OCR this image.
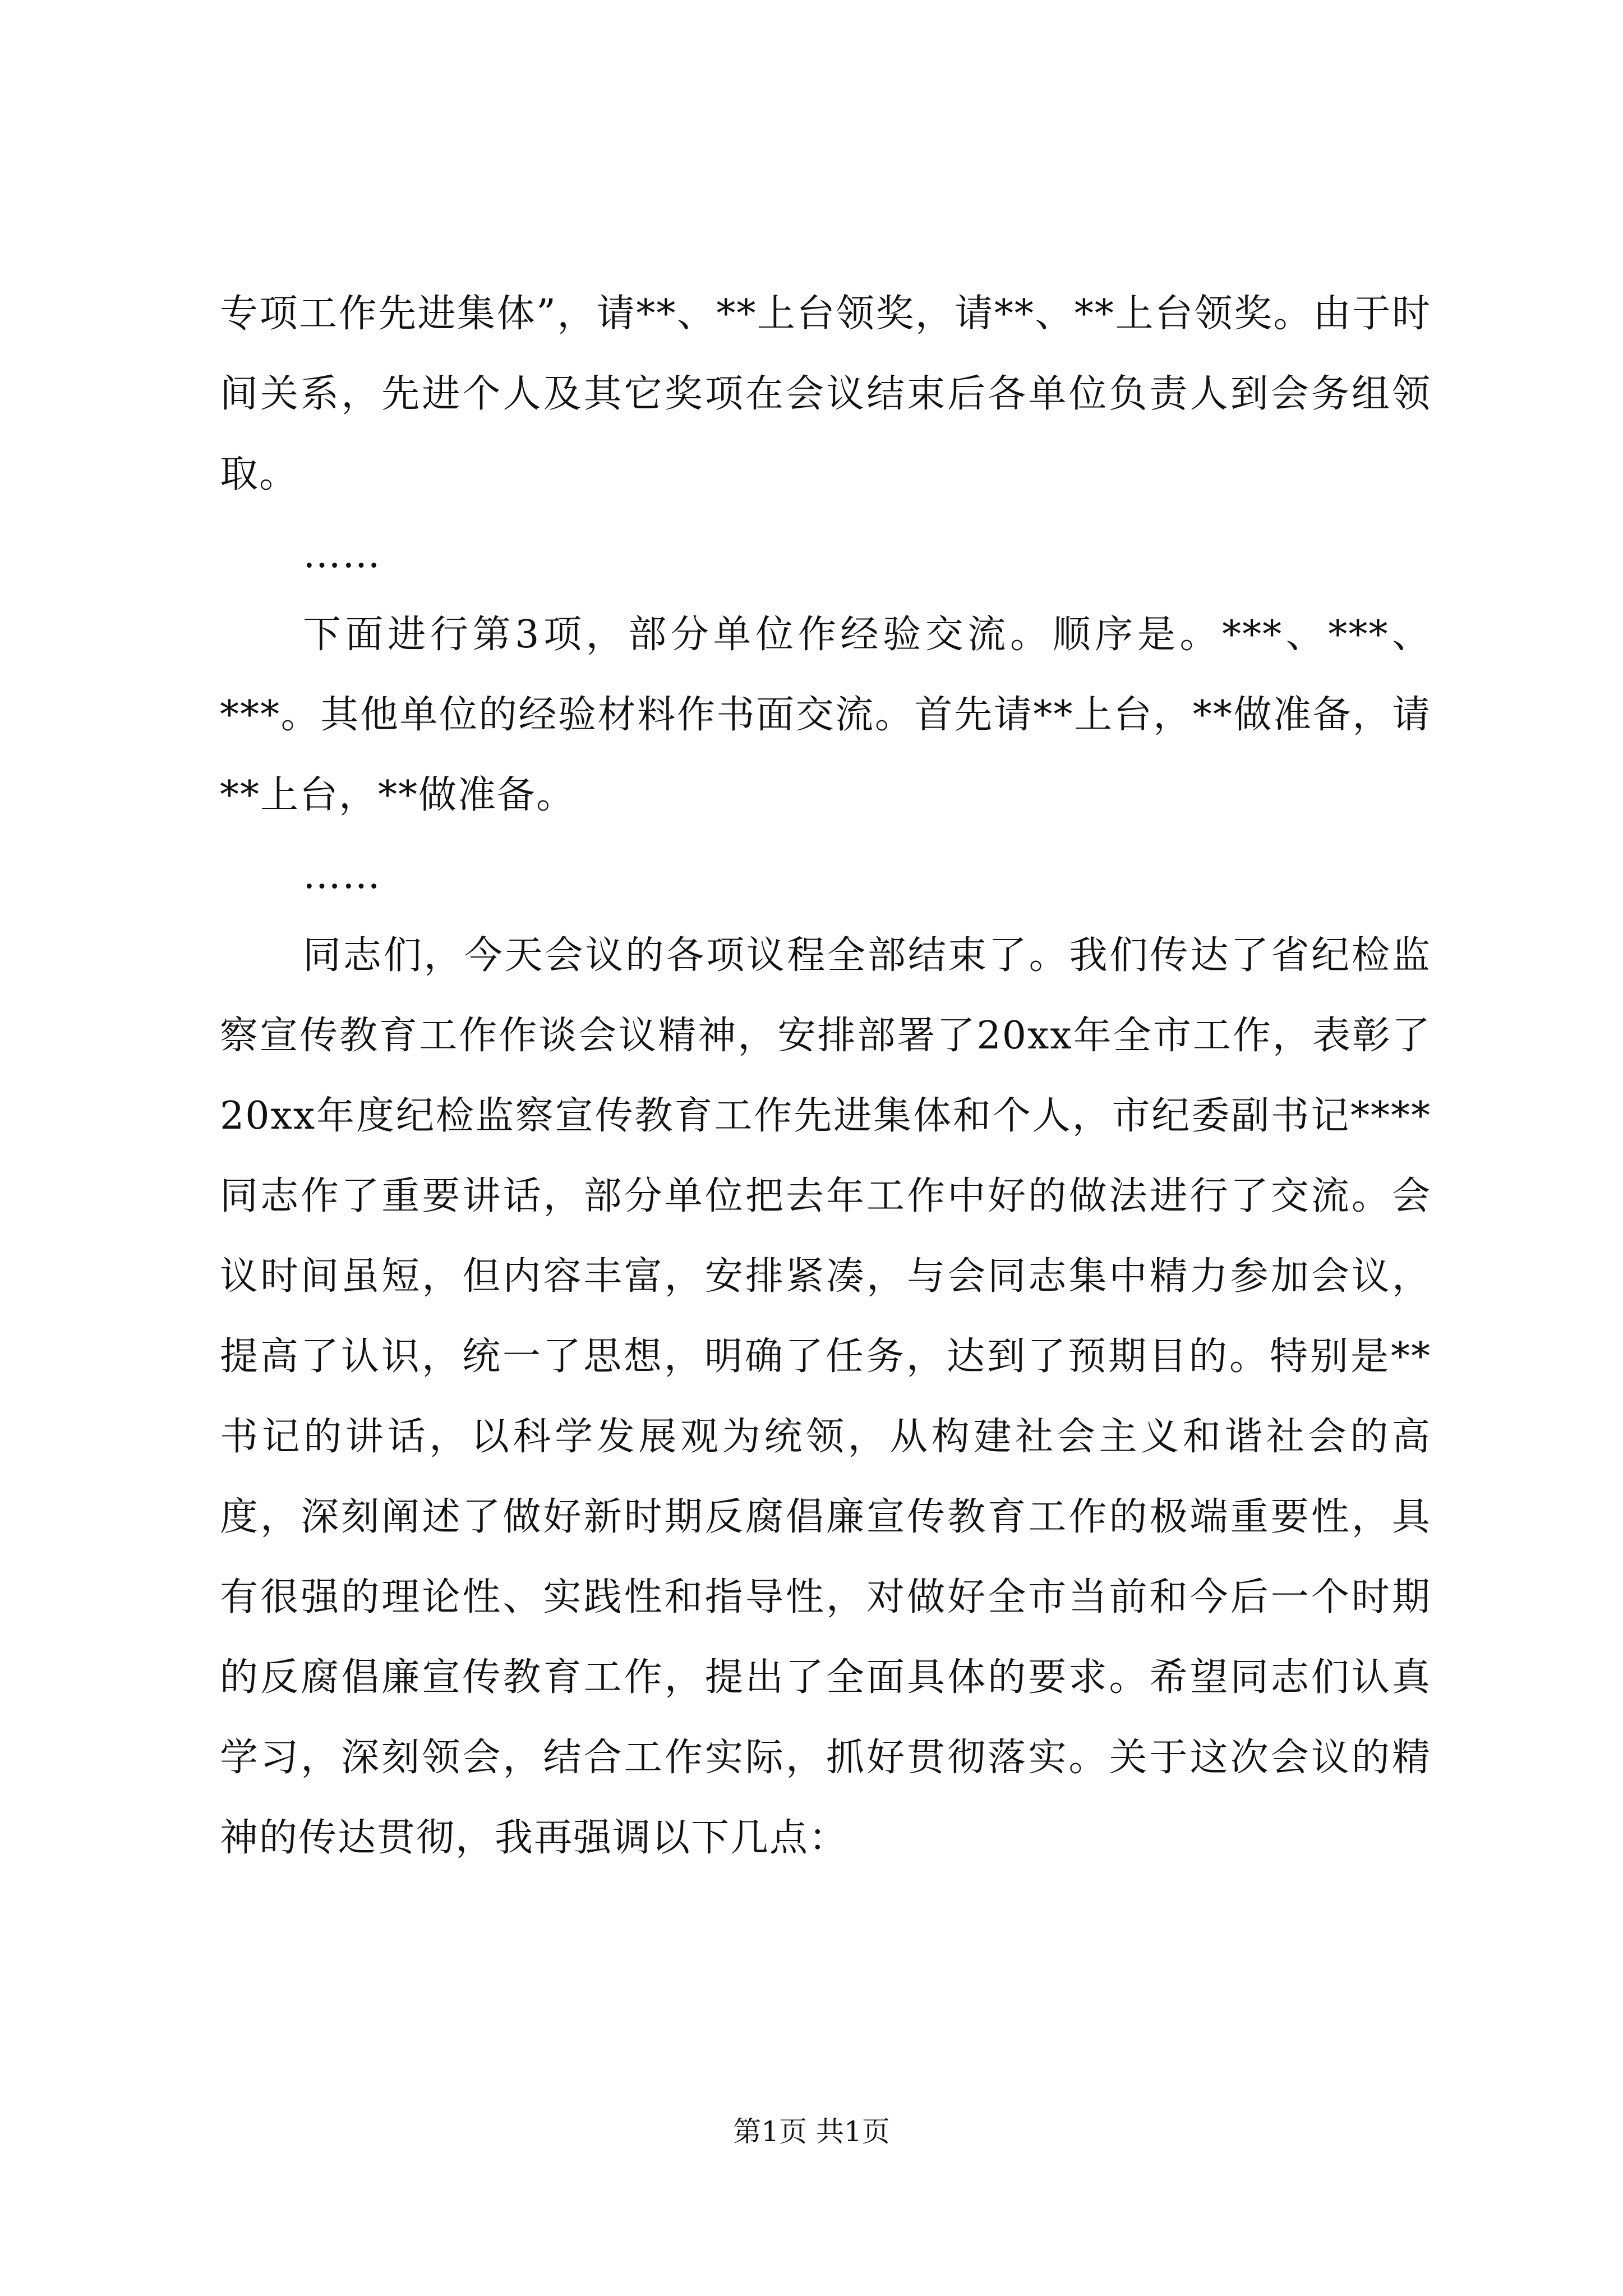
专项工作先进集体”，请**、**上台领奖，请**、**上台领奖。由于时间关系，先进个人及其它奖项在会议结束后各单位负责人到会务组领取。

……

下面进行第3项，部分单位作经验交流。顺序是。***、***、***。其他单位的经验材料作书面交流。首先请**上台，**做准备，请**上台，**做准备。

……

同志们，今天会议的各项议程全部结束了。我们传达了省纪检监察宣传教育工作作谈会议精神，安排部署了20xx年全市工作，表彰了20xx年度纪检监察宣传教育工作先进集体和个人，市纪委副书记****同志作了重要讲话，部分单位把去年工作中好的做法进行了交流。会议时间虽短，但内容丰富，安排紧凑，与会同志集中精力参加会议，提高了认识，统一了思想，明确了任务，达到了预期目的。特别是**书记的讲话，以科学发展观为统领，从构建社会主义和谐社会的高度，深刻阐述了做好新时期反腐倡廉宣传教育工作的极端重要性，具有很强的理论性、实践性和指导性，对做好全市当前和今后一个时期的反腐倡廉宣传教育工作，提出了全面具体的要求。希望同志们认真学习，深刻领会，结合工作实际，抓好贯彻落实。关于这次会议的精神的传达贯彻，我再强调以下几点：

第1页 共1页
